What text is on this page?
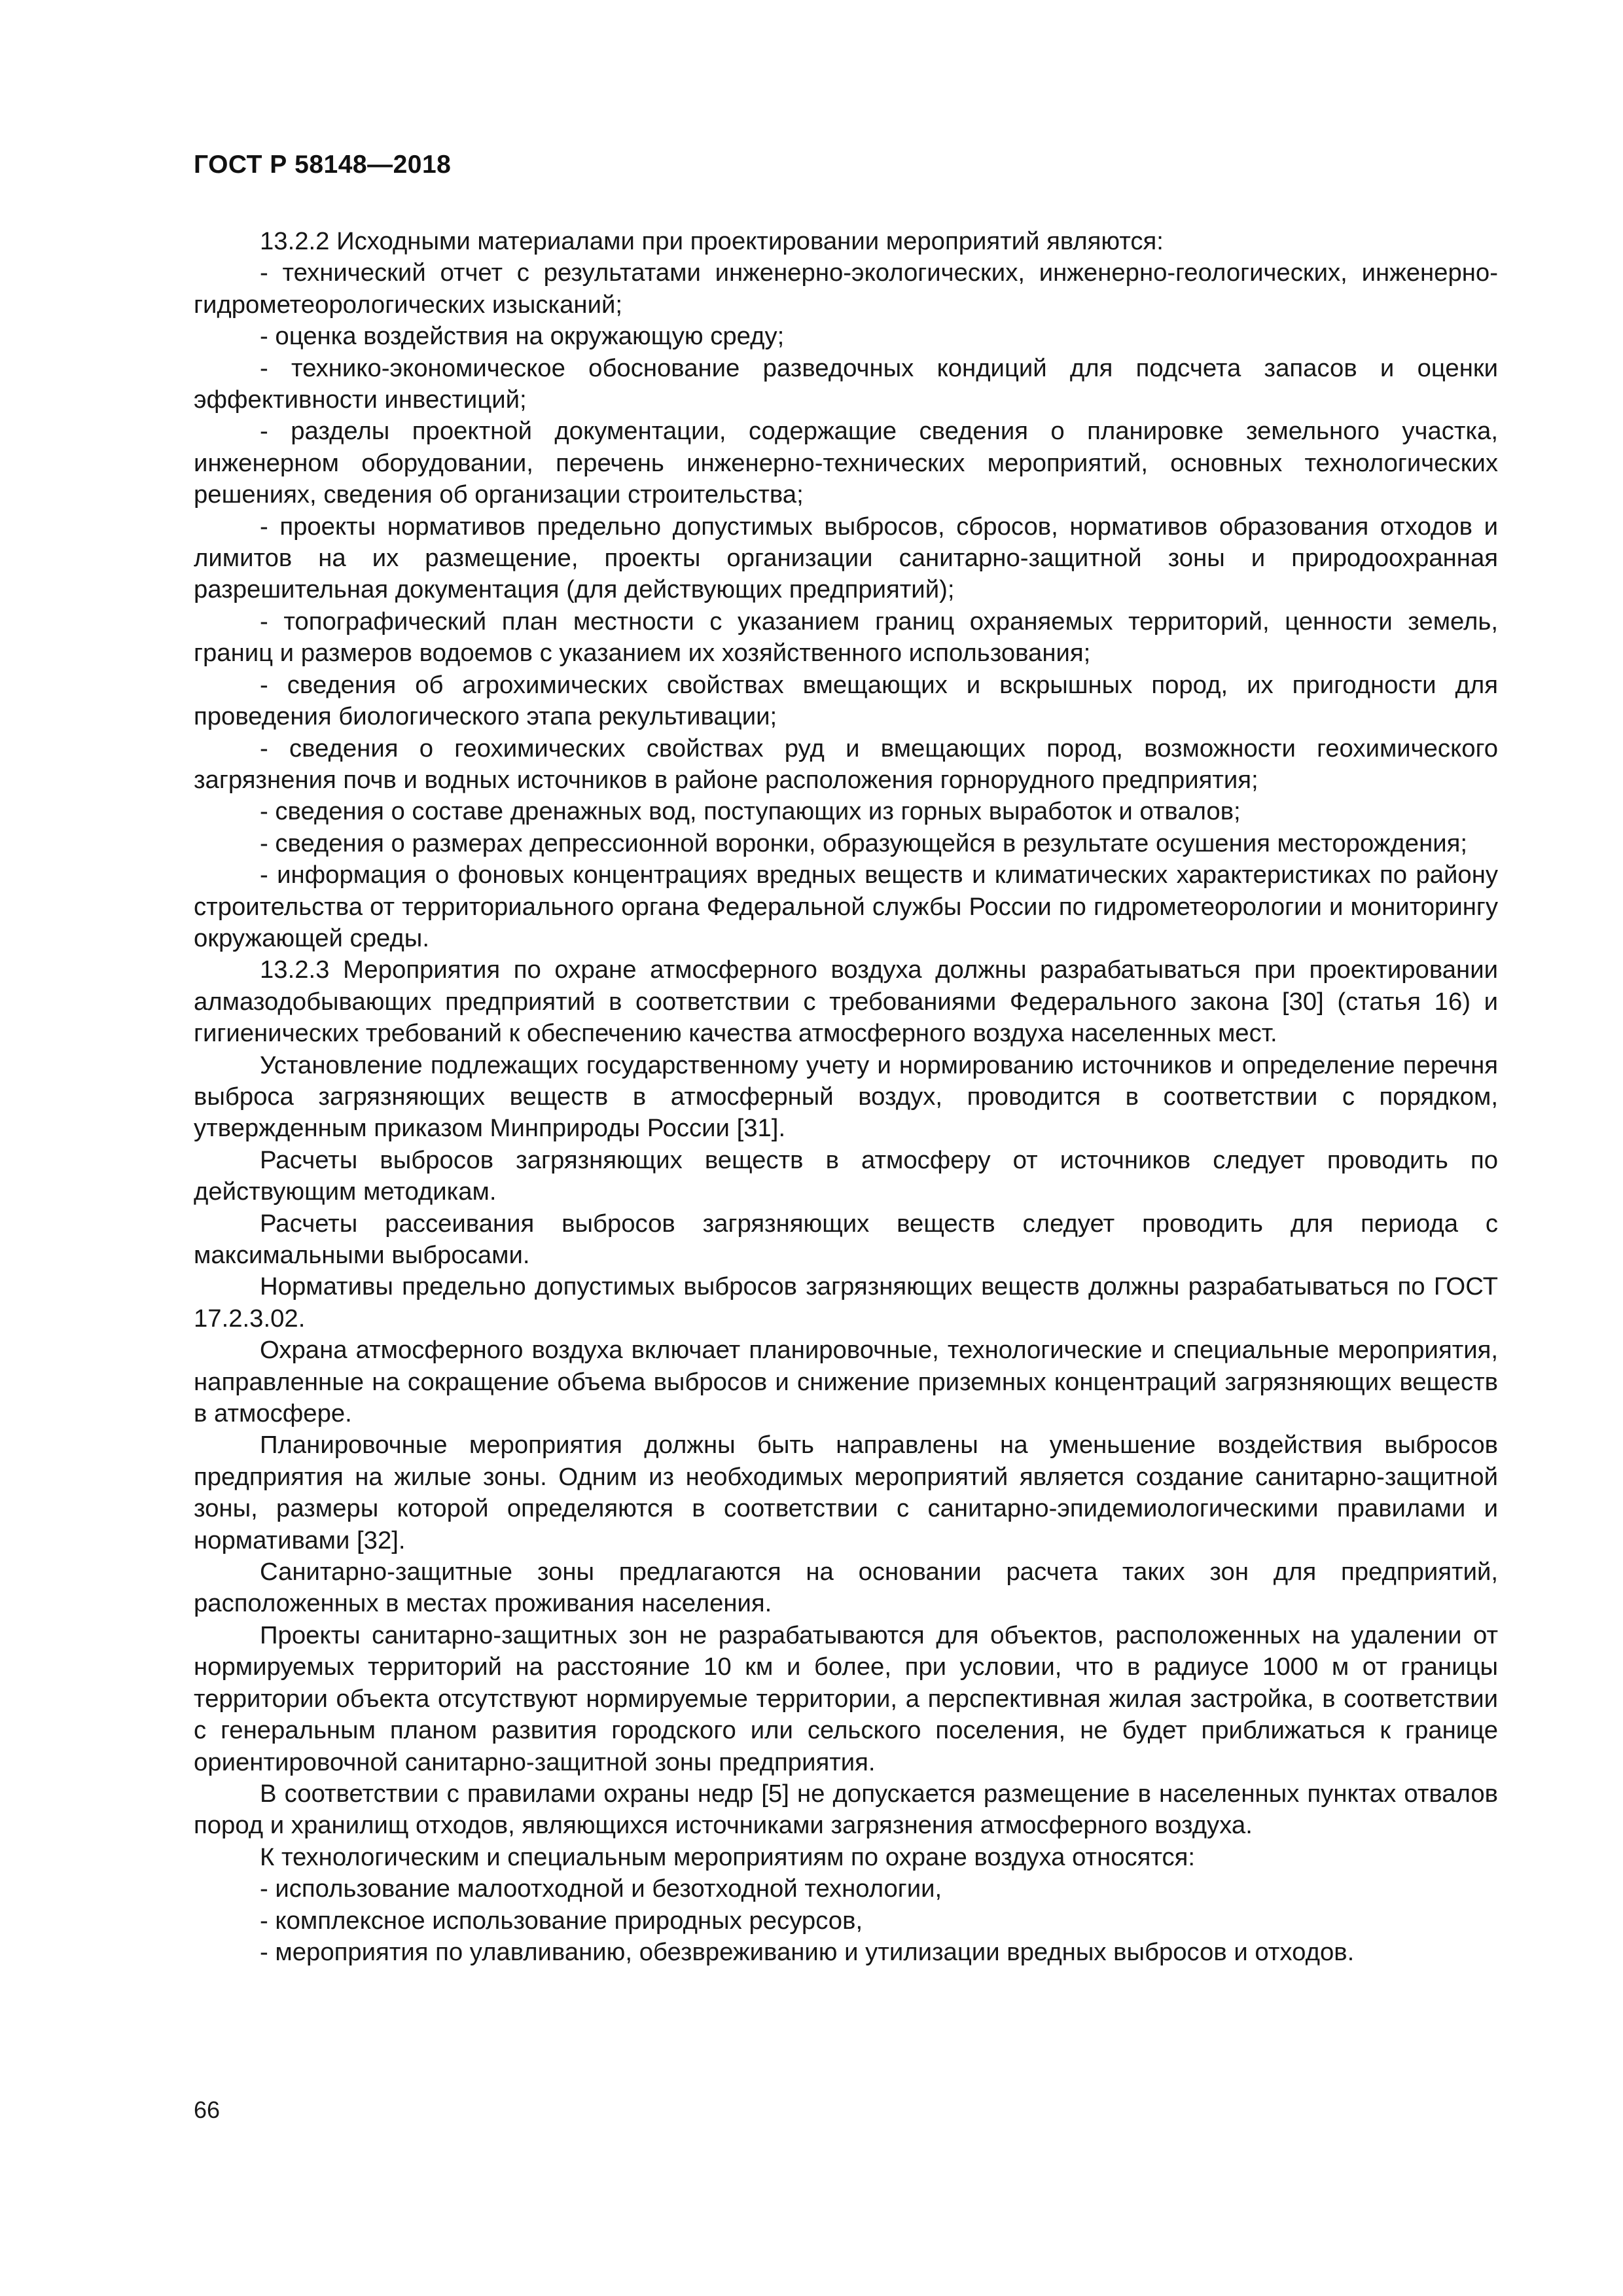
ГОСТ Р 58148—2018

13.2.2 Исходными материалами при проектировании мероприятий являются:

- технический отчет с результатами инженерно-экологических, инженерно-геологических, инженерно- гидрометеорологических изысканий;

- оценка воздействия на окружающую среду;

- технико-экономическое обоснование разведочных кондиций для подсчета запасов и оценки эффективности инвестиций;

- разделы проектной документации, содержащие сведения о планировке земельного участка, инженерном оборудовании, перечень инженерно-технических мероприятий, основных технологических решениях, сведения об организации строительства;

- проекты нормативов предельно допустимых выбросов, сбросов, нормативов образования отходов и лимитов на их размещение, проекты организации санитарно-защитной зоны и природоохранная разрешительная документация (для действующих предприятий);

- топографический план местности с указанием границ охраняемых территорий, ценности земель, границ и размеров водоемов с указанием их хозяйственного использования;

- сведения об агрохимических свойствах вмещающих и вскрышных пород, их пригодности для проведения биологического этапа рекультивации;

- сведения о геохимических свойствах руд и вмещающих пород, возможности геохимического загрязнения почв и водных источников в районе расположения горнорудного предприятия;

- сведения о составе дренажных вод, поступающих из горных выработок и отвалов;

- сведения о размерах депрессионной воронки, образующейся в результате осушения месторождения;

- информация о фоновых концентрациях вредных веществ и климатических характеристиках по району строительства от территориального органа Федеральной службы России по гидрометеорологии и мониторингу окружающей среды.

13.2.3 Мероприятия по охране атмосферного воздуха должны разрабатываться при проектировании алмазодобывающих предприятий в соответствии с требованиями Федерального закона [30] (статья 16) и гигиенических требований к обеспечению качества атмосферного воздуха населенных мест.

Установление подлежащих государственному учету и нормированию источников и определение перечня выброса загрязняющих веществ в атмосферный воздух, проводится в соответствии с порядком, утвержденным приказом Минприроды России [31].

Расчеты выбросов загрязняющих веществ в атмосферу от источников следует проводить по действующим методикам.

Расчеты рассеивания выбросов загрязняющих веществ следует проводить для периода с максимальными выбросами.

Нормативы предельно допустимых выбросов загрязняющих веществ должны разрабатываться по ГОСТ 17.2.3.02.

Охрана атмосферного воздуха включает планировочные, технологические и специальные мероприятия, направленные на сокращение объема выбросов и снижение приземных концентраций загрязняющих веществ в атмосфере.

Планировочные мероприятия должны быть направлены на уменьшение воздействия выбросов предприятия на жилые зоны. Одним из необходимых мероприятий является создание санитарно-защитной зоны, размеры которой определяются в соответствии с санитарно-эпидемиологическими правилами и нормативами [32].

Санитарно-защитные зоны предлагаются на основании расчета таких зон для предприятий, расположенных в местах проживания населения.

Проекты санитарно-защитных зон не разрабатываются для объектов, расположенных на удалении от нормируемых территорий на расстояние 10 км и более, при условии, что в радиусе 1000 м от границы территории объекта отсутствуют нормируемые территории, а перспективная жилая застройка, в соответствии с генеральным планом развития городского или сельского поселения, не будет приближаться к границе ориентировочной санитарно-защитной зоны предприятия.

В соответствии с правилами охраны недр [5] не допускается размещение в населенных пунктах отвалов пород и хранилищ отходов, являющихся источниками загрязнения атмосферного воздуха.

К технологическим и специальным мероприятиям по охране воздуха относятся:

- использование малоотходной и безотходной технологии,

- комплексное использование природных ресурсов,

- мероприятия по улавливанию, обезвреживанию и утилизации вредных выбросов и отходов.

66
